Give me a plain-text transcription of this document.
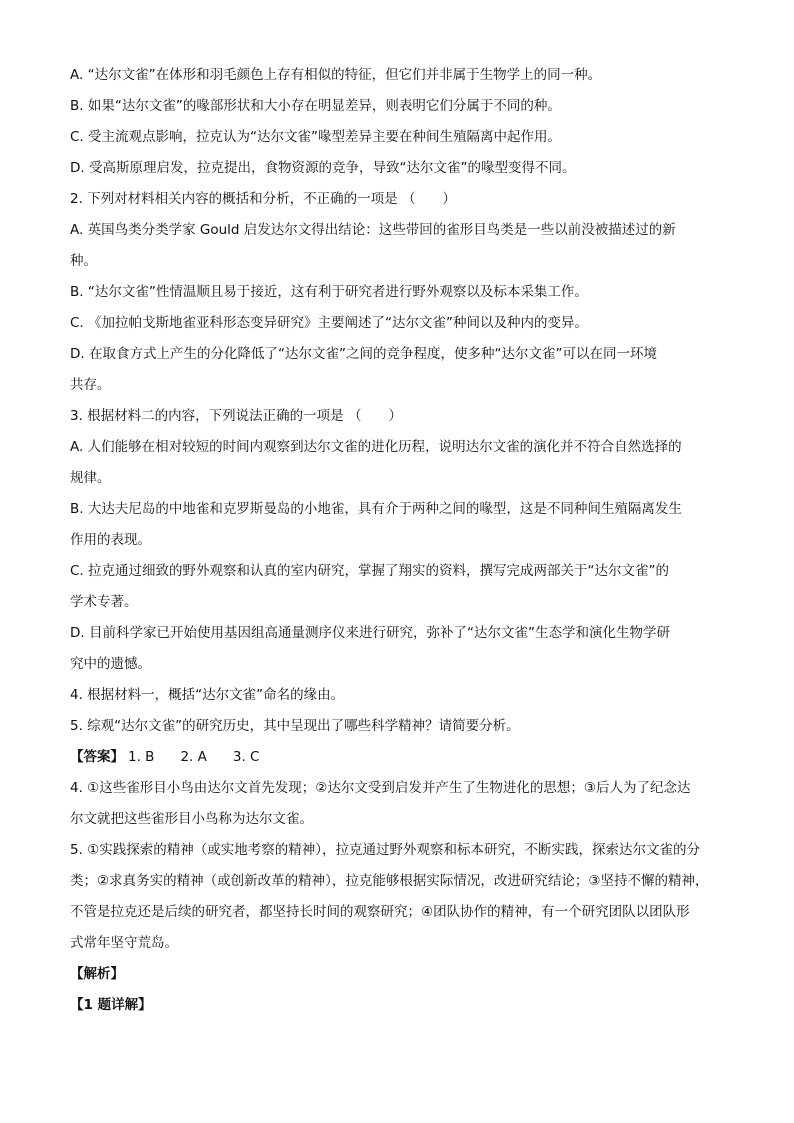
A. “达尔文雀”在体形和羽毛颜色上存有相似的特征，但它们并非属于生物学上的同一种。
B. 如果“达尔文雀”的喙部形状和大小存在明显差异，则表明它们分属于不同的种。
C. 受主流观点影响，拉克认为“达尔文雀”喙型差异主要在种间生殖隔离中起作用。
D. 受高斯原理启发，拉克提出，食物资源的竞争，导致“达尔文雀”的喙型变得不同。
2. 下列对材料相关内容的概括和分析，不正确的一项是 （　　）
A. 英国鸟类分类学家 Gould 启发达尔文得出结论：这些带回的雀形目鸟类是一些以前没被描述过的新
种。
B. “达尔文雀”性情温顺且易于接近，这有利于研究者进行野外观察以及标本采集工作。
C. 《加拉帕戈斯地雀亚科形态变异研究》主要阐述了“达尔文雀”种间以及种内的变异。
D. 在取食方式上产生的分化降低了“达尔文雀”之间的竞争程度，使多种“达尔文雀”可以在同一环境
共存。
3. 根据材料二的内容，下列说法正确的一项是 （　　）
A. 人们能够在相对较短的时间内观察到达尔文雀的进化历程，说明达尔文雀的演化并不符合自然选择的
规律。
B. 大达夫尼岛的中地雀和克罗斯曼岛的小地雀，具有介于两种之间的喙型，这是不同种间生殖隔离发生
作用的表现。
C. 拉克通过细致的野外观察和认真的室内研究，掌握了翔实的资料，撰写完成两部关于“达尔文雀”的
学术专著。
D. 目前科学家已开始使用基因组高通量测序仪来进行研究，弥补了“达尔文雀”生态学和演化生物学研
究中的遗憾。
4. 根据材料一，概括“达尔文雀”命名的缘由。
5. 综观“达尔文雀”的研究历史，其中呈现出了哪些科学精神？请简要分析。
【答案】 1. B 2. A 3. C
4. ①这些雀形目小鸟由达尔文首先发现；②达尔文受到启发并产生了生物进化的思想；③后人为了纪念达
尔文就把这些雀形目小鸟称为达尔文雀。
5. ①实践探索的精神（或实地考察的精神），拉克通过野外观察和标本研究，不断实践，探索达尔文雀的分
类；②求真务实的精神（或创新改革的精神），拉克能够根据实际情况，改进研究结论；③坚持不懈的精神，
不管是拉克还是后续的研究者，都坚持长时间的观察研究；④团队协作的精神，有一个研究团队以团队形
式常年坚守荒岛。
【解析】
【1 题详解】
